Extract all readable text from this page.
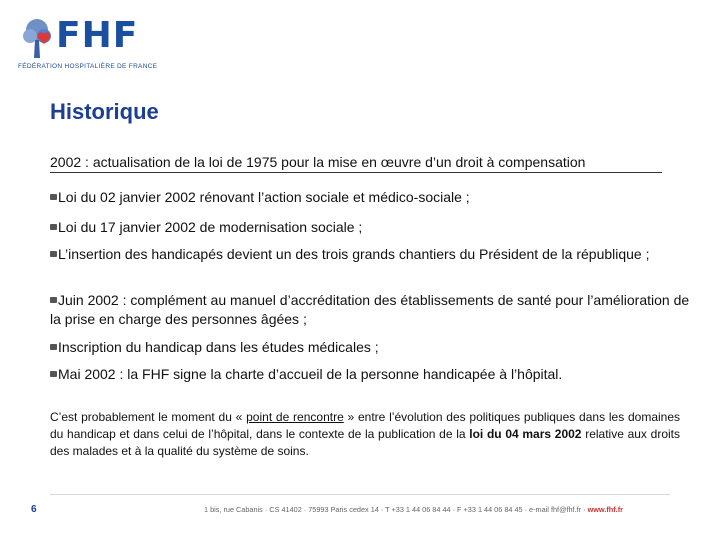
FHF
FÉDÉRATION HOSPITALIÈRE DE FRANCE
Historique
2002 : actualisation de la loi de 1975 pour la mise en œuvre d’un droit à compensation
Loi du 02 janvier 2002 rénovant l’action sociale et médico-sociale ;
Loi du 17 janvier 2002 de modernisation sociale ;
L’insertion des handicapés devient un des trois grands chantiers du Président de la république ;
Juin 2002 : complément au manuel d’accréditation des établissements de santé pour l’amélioration de la prise en charge des personnes âgées ;
Inscription du handicap dans les études médicales ;
Mai 2002 : la FHF signe la charte d’accueil de la personne handicapée à l’hôpital.
C’est probablement le moment du « point de rencontre » entre l’évolution des politiques publiques dans les domaines du handicap et dans celui de l’hôpital, dans le contexte de la publication de la loi du 04 mars 2002 relative aux droits des malades et à la qualité du système de soins.
6	1 bis, rue Cabanis · CS 41402 · 75993 Paris cedex 14 · T +33 1 44 06 84 44 · F +33 1 44 06 84 45 · e-mail fhf@fhf.fr · www.fhf.fr
